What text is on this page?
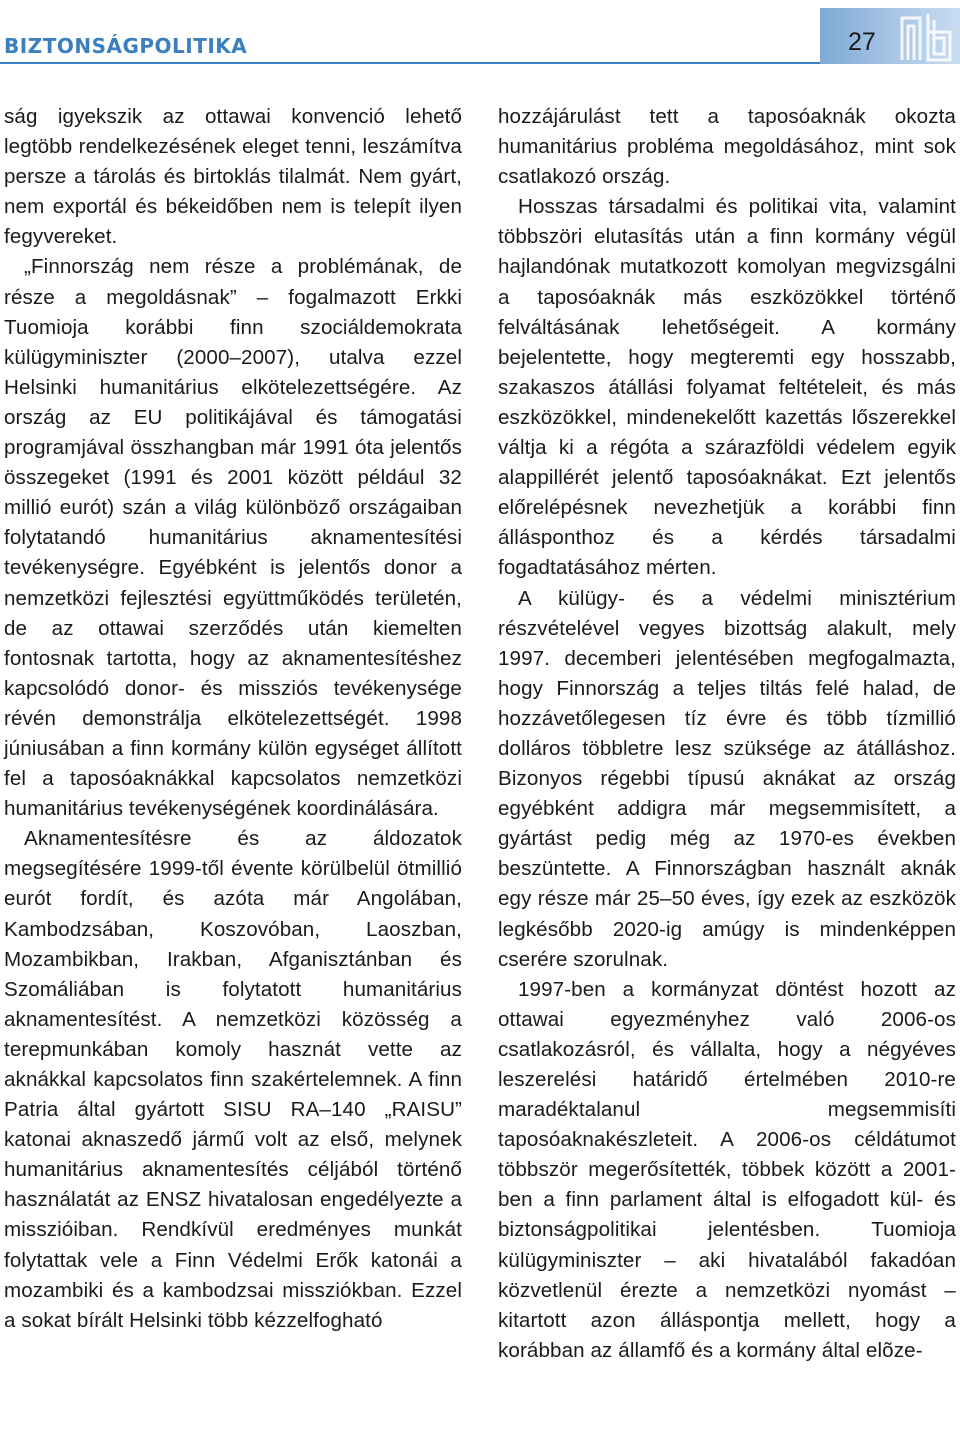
BIZTONSÁGPOLITIKA	27

ság igyekszik az ottawai konvenció lehető legtöbb rendelkezésének eleget tenni, leszámítva persze a tárolás és birtoklás tilalmát. Nem gyárt, nem exportál és békeidőben nem is telepít ilyen fegyvereket.

„Finnország nem része a problémának, de része a megoldásnak” – fogalmazott Erkki Tuomioja korábbi finn szociáldemokrata külügyminiszter (2000–2007), utalva ezzel Helsinki humanitárius elkötelezettségére. Az ország az EU politikájával és támogatási programjával összhangban már 1991 óta jelentős összegeket (1991 és 2001 között például 32 millió eurót) szán a világ különböző országaiban folytatandó humanitárius aknamentesítési tevékenységre. Egyébként is jelentős donor a nemzetközi fejlesztési együttműködés területén, de az ottawai szerződés után kiemelten fontosnak tartotta, hogy az aknamentesítéshez kapcsolódó donor- és missziós tevékenysége révén demonstrálja elkötelezettségét. 1998 júniusában a finn kormány külön egységet állított fel a taposóaknákkal kapcsolatos nemzetközi humanitárius tevékenységének koordinálására.

Aknamentesítésre és az áldozatok megsegítésére 1999-től évente körülbelül ötmillió eurót fordít, és azóta már Angolában, Kambodzsában, Koszovóban, Laoszban, Mozambikban, Irakban, Afganisztánban és Szomáliában is folytatott humanitárius aknamentesítést. A nemzetközi közösség a terepmunkában komoly hasznát vette az aknákkal kapcsolatos finn szakértelemnek. A finn Patria által gyártott SISU RA–140 „RAISU” katonai aknaszedő jármű volt az első, melynek humanitárius aknamentesítés céljából történő használatát az ENSZ hivatalosan engedélyezte a misszióiban. Rendkívül eredményes munkát folytattak vele a Finn Védelmi Erők katonái a mozambiki és a kambodzsai missziókban. Ezzel a sokat bírált Helsinki több kézzelfogható

hozzájárulást tett a taposóaknák okozta humanitárius probléma megoldásához, mint sok csatlakozó ország.

Hosszas társadalmi és politikai vita, valamint többszöri elutasítás után a finn kormány végül hajlandónak mutatkozott komolyan megvizsgálni a taposóaknák más eszközökkel történő felváltásának lehetőségeit. A kormány bejelentette, hogy megteremti egy hosszabb, szakaszos átállási folyamat feltételeit, és más eszközökkel, mindenekelőtt kazettás lőszerekkel váltja ki a régóta a szárazföldi védelem egyik alappillérét jelentő taposóaknákat. Ezt jelentős előrelépésnek nevezhetjük a korábbi finn állásponthoz és a kérdés társadalmi fogadtatásához mérten.

A külügy- és a védelmi minisztérium részvételével vegyes bizottság alakult, mely 1997. decemberi jelentésében megfogalmazta, hogy Finnország a teljes tiltás felé halad, de hozzávetőlegesen tíz évre és több tízmillió dolláros többletre lesz szüksége az átálláshoz. Bizonyos régebbi típusú aknákat az ország egyébként addigra már megsemmisített, a gyártást pedig még az 1970-es években beszüntette. A Finnországban használt aknák egy része már 25–50 éves, így ezek az eszközök legkésőbb 2020-ig amúgy is mindenképpen cserére szorulnak.

1997-ben a kormányzat döntést hozott az ottawai egyezményhez való 2006-os csatlakozásról, és vállalta, hogy a négyéves leszerelési határidő értelmében 2010-re maradéktalanul megsemmisíti taposóaknakészleteit. A 2006-os céldátumot többször megerősítették, többek között a 2001-ben a finn parlament által is elfogadott kül- és biztonságpolitikai jelentésben. Tuomioja külügyminiszter – aki hivatalából fakadóan közvetlenül érezte a nemzetközi nyomást – kitartott azon álláspontja mellett, hogy a korábban az államfő és a kormány által elõze-
